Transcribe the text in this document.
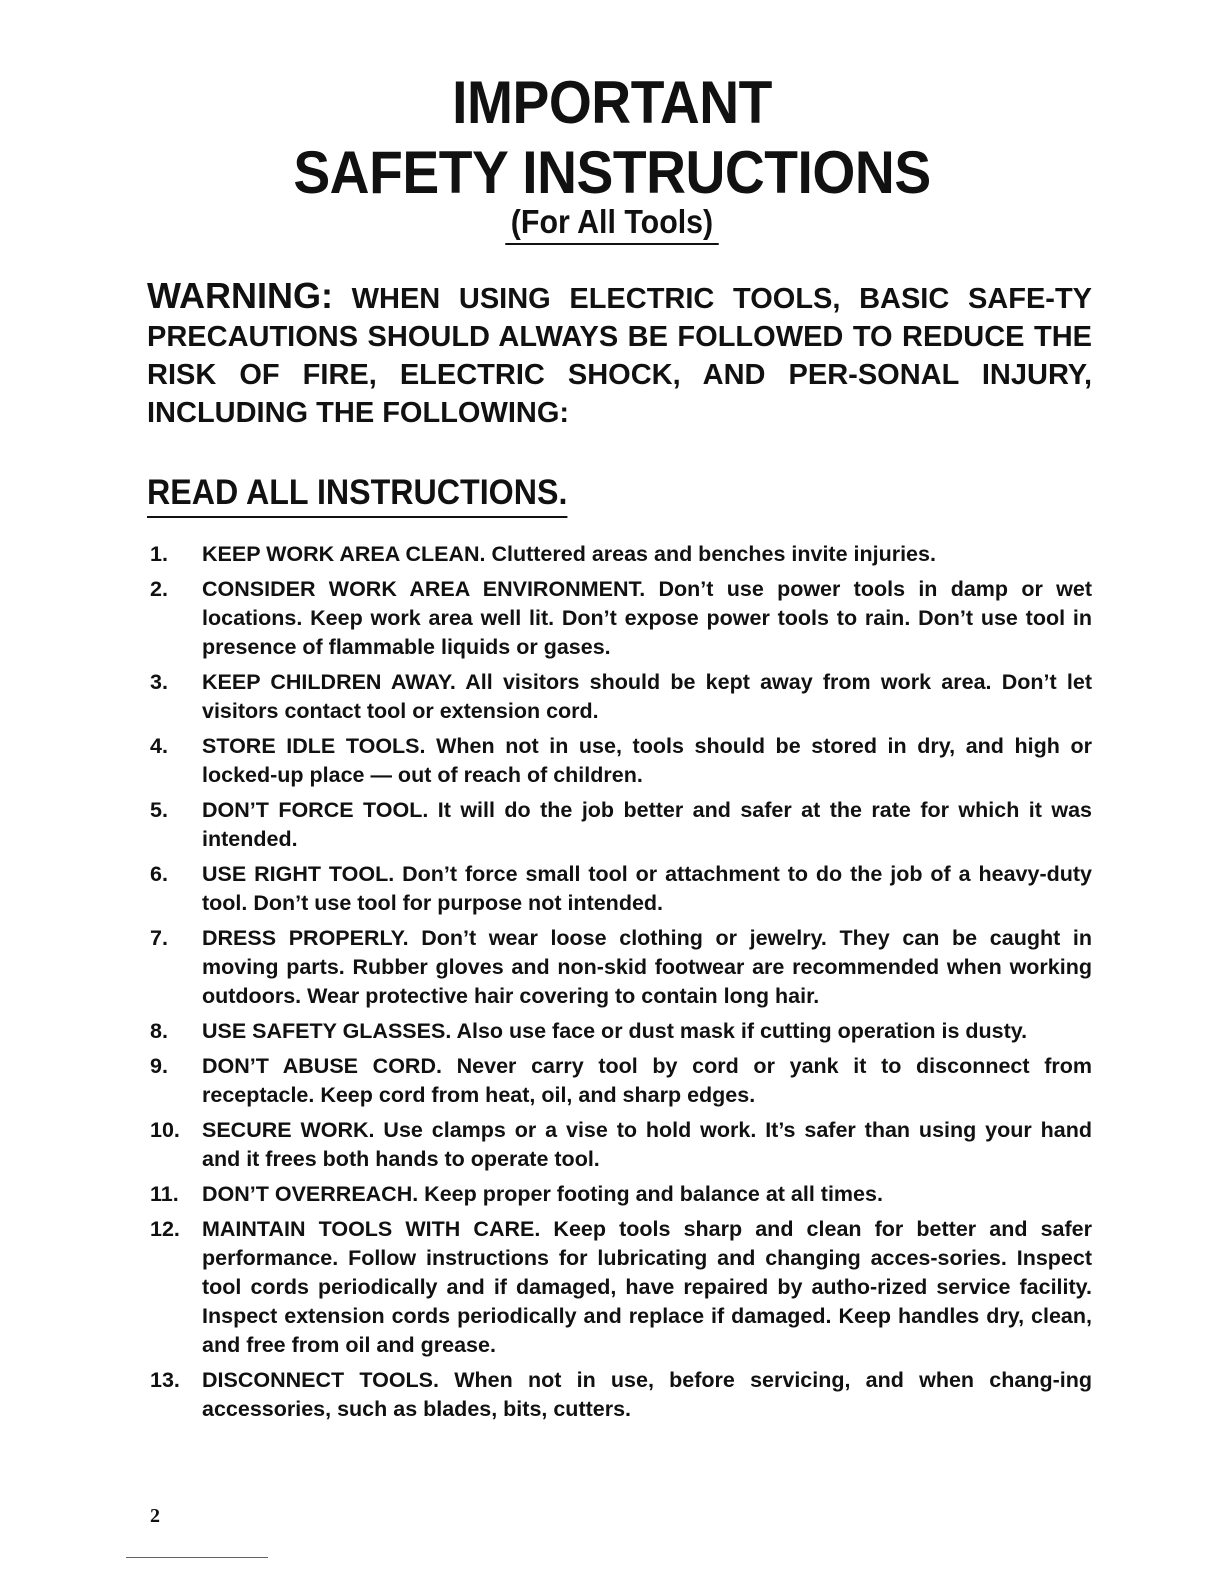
IMPORTANT
SAFETY INSTRUCTIONS
(For All Tools)
WARNING: WHEN USING ELECTRIC TOOLS, BASIC SAFE-TY PRECAUTIONS SHOULD ALWAYS BE FOLLOWED TO REDUCE THE RISK OF FIRE, ELECTRIC SHOCK, AND PER-SONAL INJURY, INCLUDING THE FOLLOWING:
READ ALL INSTRUCTIONS.
1.	KEEP WORK AREA CLEAN. Cluttered areas and benches invite injuries.
2.	CONSIDER WORK AREA ENVIRONMENT. Don’t use power tools in damp or wet locations. Keep work area well lit. Don’t expose power tools to rain. Don’t use tool in presence of flammable liquids or gases.
3.	KEEP CHILDREN AWAY. All visitors should be kept away from work area. Don’t let visitors contact tool or extension cord.
4.	STORE IDLE TOOLS. When not in use, tools should be stored in dry, and high or locked-up place — out of reach of children.
5.	DON’T FORCE TOOL. It will do the job better and safer at the rate for which it was intended.
6.	USE RIGHT TOOL. Don’t force small tool or attachment to do the job of a heavy-duty tool. Don’t use tool for purpose not intended.
7.	DRESS PROPERLY. Don’t wear loose clothing or jewelry. They can be caught in moving parts. Rubber gloves and non-skid footwear are recommended when working outdoors. Wear protective hair covering to contain long hair.
8.	USE SAFETY GLASSES. Also use face or dust mask if cutting operation is dusty.
9.	DON’T ABUSE CORD. Never carry tool by cord or yank it to disconnect from receptacle. Keep cord from heat, oil, and sharp edges.
10.	SECURE WORK. Use clamps or a vise to hold work. It’s safer than using your hand and it frees both hands to operate tool.
11.	DON’T OVERREACH. Keep proper footing and balance at all times.
12.	MAINTAIN TOOLS WITH CARE. Keep tools sharp and clean for better and safer performance. Follow instructions for lubricating and changing acces-sories. Inspect tool cords periodically and if damaged, have repaired by autho-rized service facility. Inspect extension cords periodically and replace if damaged. Keep handles dry, clean, and free from oil and grease.
13.	DISCONNECT TOOLS. When not in use, before servicing, and when chang-ing accessories, such as blades, bits, cutters.
2
